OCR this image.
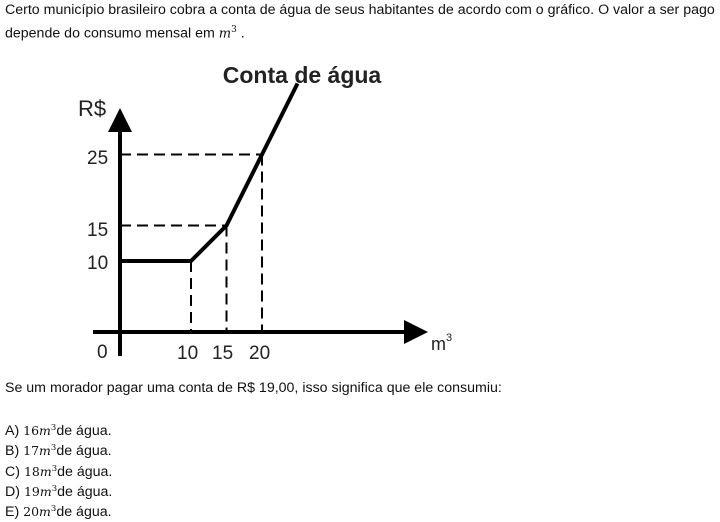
Certo município brasileiro cobra a conta de água de seus habitantes de acordo com o gráfico. O valor a ser pago depende do consumo mensal em $m^3$ .
Conta de água
R$
0	$m^3$
10
15
25
10 15 20
Se um morador pagar uma conta de R$ 19,00, isso significa que ele consumiu:
A) $16m^3de$ água.
B) $17m^3de$ água.
C) $18m^3de$ água.
D) $19m^3de$ água.
E) $20m^3de$ água.
